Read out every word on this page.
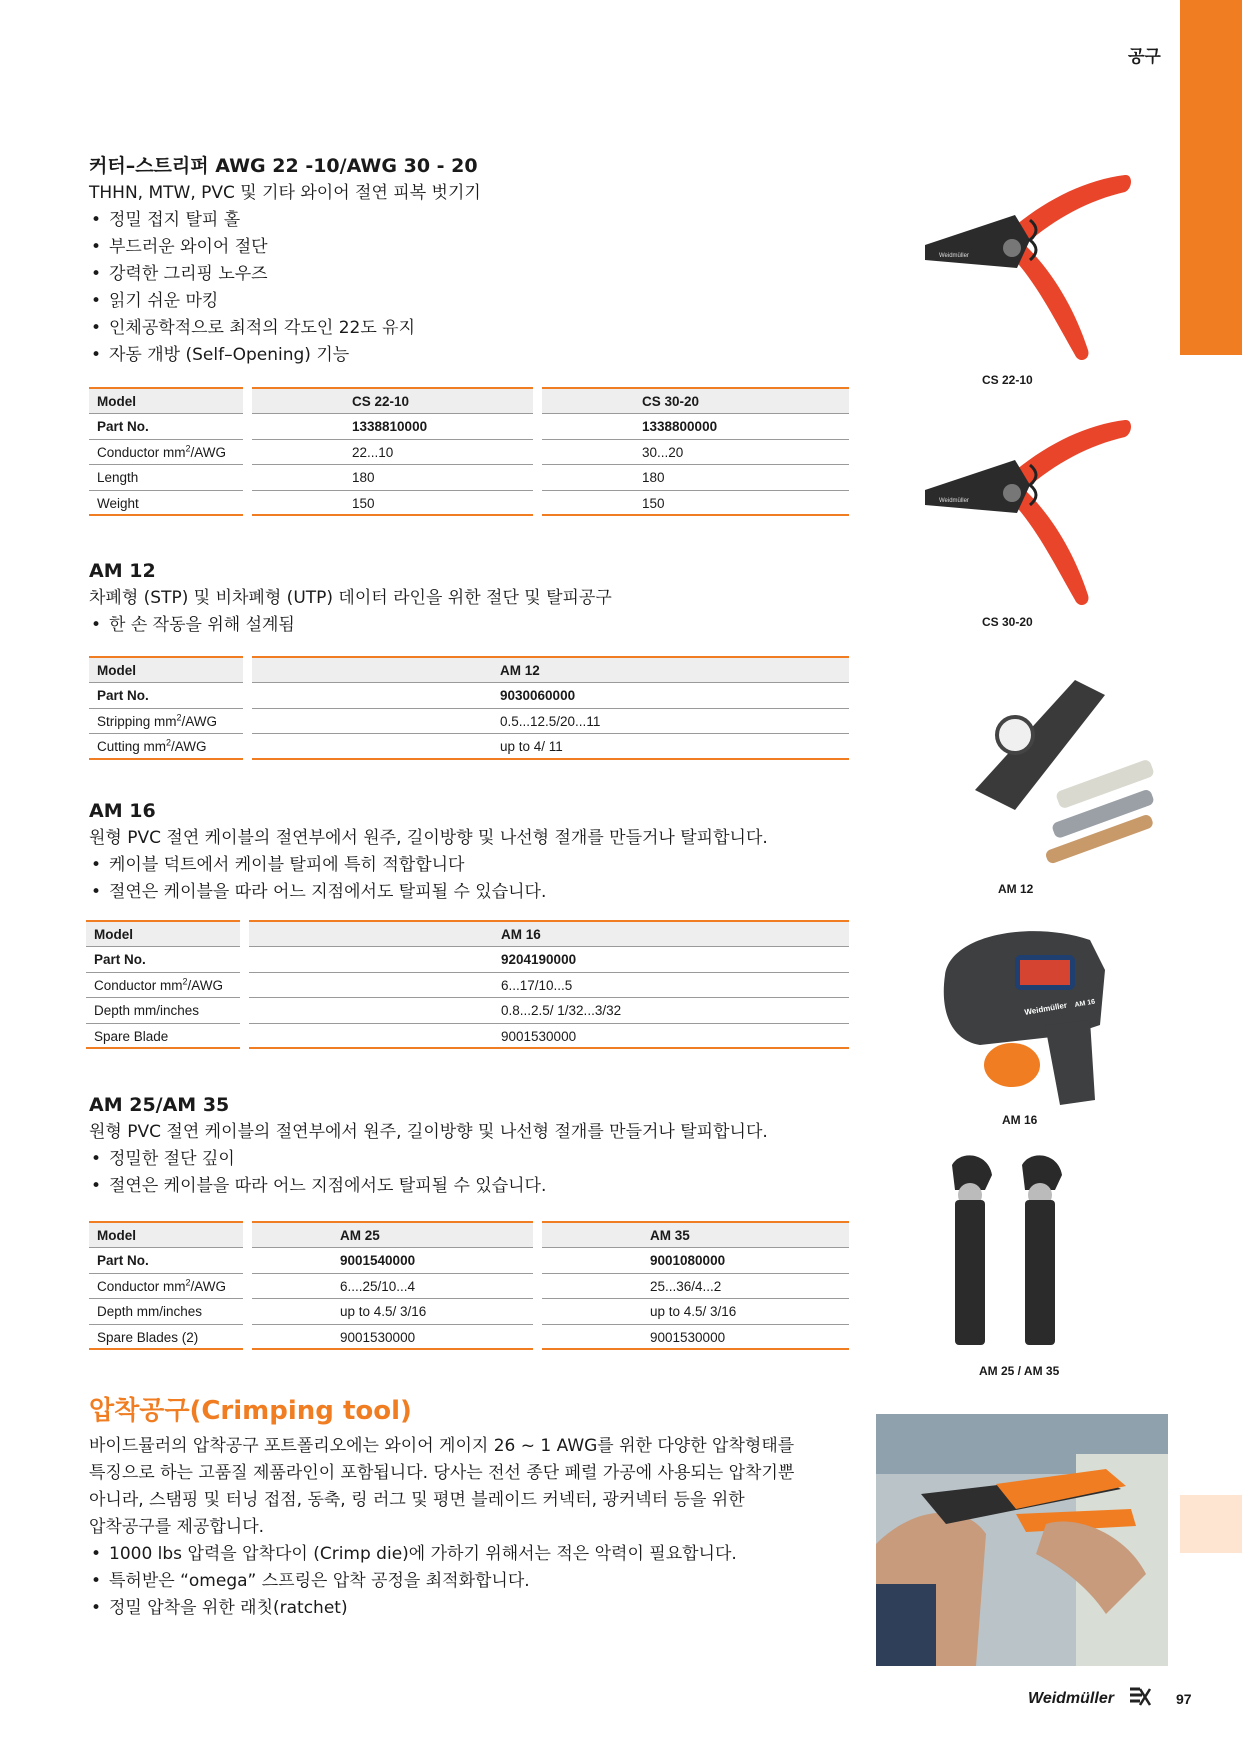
공구
커터–스트리퍼 AWG 22 -10/AWG 30 - 20

THHN, MTW, PVC 및 기타 와이어 절연 피복 벗기기

• 정밀 접지 탈피 홀
• 부드러운 와이어 절단
• 강력한 그리핑 노우즈
• 읽기 쉬운 마킹
• 인체공학적으로 최적의 각도인 22도 유지
• 자동 개방 (Self–Opening) 기능
Model
Part No.
Conductor $mm^2$/AWG
Length
Weight
CS 22-10
1338810000
22...10
180
150
CS 30-20
1338800000
30...20
180
150
AM 12

차폐형 (STP) 및 비차폐형 (UTP) 데이터 라인을 위한 절단 및 탈피공구

• 한 손 작동을 위해 설계됨
Model
Part No.
Stripping $mm^2$/AWG
Cutting $mm^2$/AWG
AM 12
9030060000
0.5...12.5/20...11
up to 4/ 11
AM 16

원형 PVC 절연 케이블의 절연부에서 원주, 길이방향 및 나선형 절개를 만들거나 탈피합니다.

• 케이블 덕트에서 케이블 탈피에 특히 적합합니다
• 절연은 케이블을 따라 어느 지점에서도 탈피될 수 있습니다.
Model
Part No.
Conductor $mm^2$/AWG
Depth mm/inches
Spare Blade
AM 16
9204190000
6...17/10...5
0.8...2.5/ 1/32...3/32
9001530000
AM 25/AM 35

원형 PVC 절연 케이블의 절연부에서 원주, 길이방향 및 나선형 절개를 만들거나 탈피합니다.

• 정밀한 절단 깊이
• 절연은 케이블을 따라 어느 지점에서도 탈피될 수 있습니다.
Model
Part No.
Conductor $mm^2$/AWG
Depth mm/inches
Spare Blades (2)
AM 25
9001540000
6....25/10...4
up to 4.5/ 3/16
9001530000
AM 35
9001080000
25...36/4...2
up to 4.5/ 3/16
9001530000
압착공구(Crimping tool)

바이드뮬러의 압착공구 포트폴리오에는 와이어 게이지 26 ~ 1 AWG를 위한 다양한 압착형태를

특징으로 하는 고품질 제품라인이 포함됩니다. 당사는 전선 종단 페럴 가공에 사용되는 압착기뿐

아니라, 스탬핑 및 터닝 접점, 동축, 링 러그 및 평면 블레이드 커넥터, 광커넥터 등을 위한

압착공구를 제공합니다.

• 1000 lbs 압력을 압착다이 (Crimp die)에 가하기 위해서는 적은 악력이 필요합니다.
• 특허받은 “omega” 스프링은 압착 공정을 최적화합니다.
• 정밀 압착을 위한 래칫(ratchet)
Weidmüller
CS 22-10
Weidmüller
CS 30-20
AM 12
Weidmüller AM 16
AM 16
AM 25 / AM 35
Weidmüller	97
